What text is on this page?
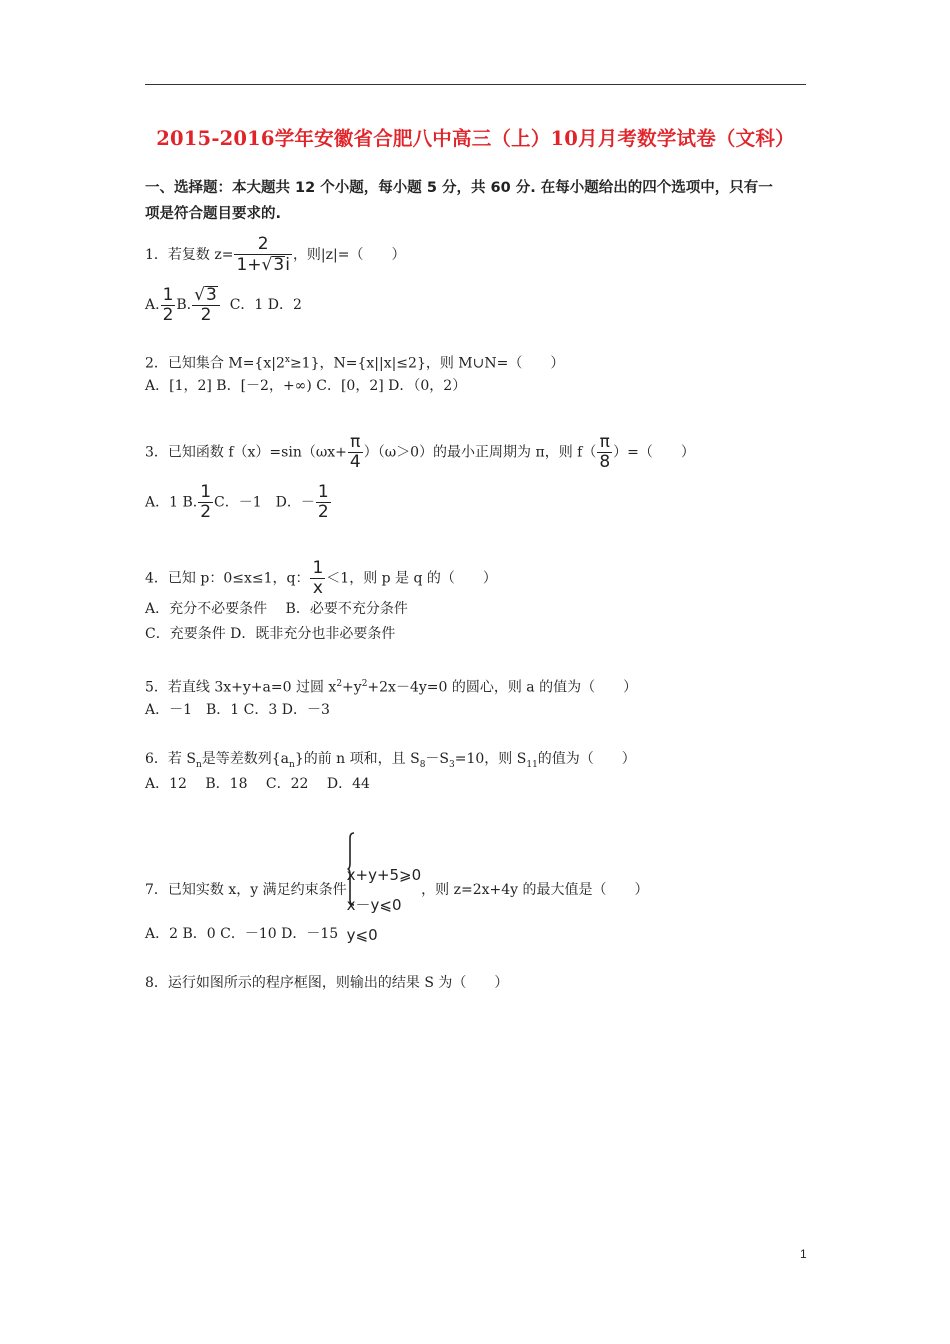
2015-2016学年安徽省合肥八中高三（上）10月月考数学试卷（文科）
一、选择题：本大题共 12 个小题，每小题 5 分，共 60 分. 在每小题给出的四个选项中，只有一
项是符合题目要求的.
1．若复数 $z= \frac{2}{1+√3i}$ ，则|z|=（　　）
A. $\frac{1}{2} B$. $\frac{√3}{2}$ C．1 D．2
2．已知集合 $M=\{x|2^x\ge 1\}$，N={x||x|≤2}，则 M∪N=（　　）
A．[1，2] B．[－2，+∞) C．[0，2] D．（0，2）
3．已知函数 $f(x)=\sin(\omega x+ \frac{\pi}{4} )(\omega>0)$的最小正周期为 π，则 $f( \frac{\pi}{8}$ ）=（　　）
A．1 B. $\frac{1}{2}$ C．－1　D．－ $\frac{1}{2}$
4．已知 p：0≤x≤1，q： $\frac{1}{x} <1$，则 p 是 q 的（　　）
A．充分不必要条件　 B．必要不充分条件
C．充要条件 D．既非充分也非必要条件
5．若直线 3x+y+a=0 过圆 $x^2+y^2+2x-4y=0$ 的圆心，则 a 的值为（　　）
A．－1　B．1 C．3 D．－3
6．若 $S_n$是等差数列$\{a_n\}$的前 n 项和，且 $S_8-S_3=10$，则 $S_{11}$的值为（　　）
A．12　 B．18　 C．22　 D．44
7．已知实数 x，y 满足约束条件
x+y+5⩾0
x－y⩽0
y⩽0
，则 z=2x+4y 的最大值是（　　）
A．2 B．0 C．－10 D．－15
8．运行如图所示的程序框图，则输出的结果 S 为（　　）
1
